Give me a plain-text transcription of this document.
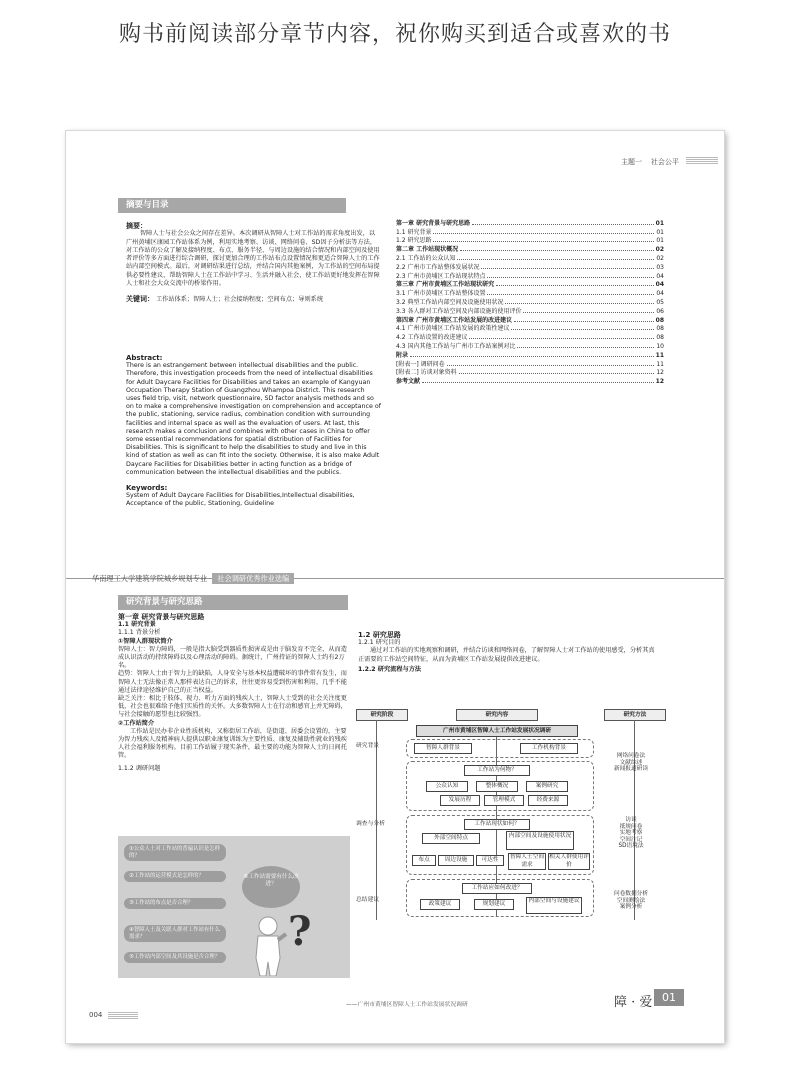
购书前阅读部分章节内容，祝你购买到适合或喜欢的书
主题一 社会公平
摘要与目录
摘要：

智障人士与社会公众之间存在差异。本次调研从智障人士对工作站的需求角度出发，以广州黄埔区康园工作站体系为例，利用实地考察、访谈、网络问卷、SD因子分析法等方法，对工作站的公众了解及接纳程度、布点、服务半径、与周边设施的结合情况和内部空间及使用者评价等多方面进行综合调研，探讨更加合理的工作站布点设置情况和更适合智障人士的工作站内部空间模式。最后，对调研结果进行总结，并结合国内其他案例，为工作站的空间布局提供必要性建议，帮助智障人士在工作站中学习、生活并融入社会，使工作站更好地发挥在智障人士和社会大众交流中的桥梁作用。

关键词： 工作站体系；智障人士；社会接纳程度；空间布点；导则系统
Abstract:
There is an estrangement between intellectual disabilities and the public. Therefore, this investigation proceeds from the need of intellectual disabilities for Adult Daycare Facilities for Disabilities and takes an example of Kangyuan Occupation Therapy Station of Guangzhou Whampoa District. This research uses field trip, visit, network questionnaire, SD factor analysis methods and so on to make a comprehensive investigation on comprehension and acceptance of the public, stationing, service radius, combination condition with surrounding facilities and internal space as well as the evaluation of users. At last, this research makes a conclusion and combines with other cases in China to offer some essential recommendations for spatial distribution of Facilities for Disabilities. This is significant to help the disabilities to study and live in this kind of station as well as can fit into the society. Otherwise, it is also make Adult Daycare Facilities for Disabilities better in acting function as a bridge of communication between the intellectual disabilities and the publics.
Keywords:
System of Adult Daycare Facilities for Disabilities,Intellectual disabilities, Acceptance of the public, Stationing, Guideline
第一章 研究背景与研究思路	01
1.1 研究背景	01
1.2 研究思路	01
第二章 工作站现状概况	02
2.1 工作站的公众认知	02
2.2 广州市工作站整体发展状况	03
2.3 广州市黄埔区工作站现状特点	04
第三章 广州市黄埔区工作站现状研究	04
3.1 广州市黄埔区工作站整体设置	04
3.2 典型工作站内部空间及设施使用状况	05
3.3 各人群对工作站空间及内部设施的使用评价	06
第四章 广州市黄埔区工作站发展的改进建议	08
4.1 广州市黄埔区工作站发展的政策性建议	08
4.2 工作站设置的改进建议	08
4.3 国内其他工作站与广州市工作站案例对比	10
附录	11
[附表一] 调研问卷	11
[附表二] 访谈对象资料	12
参考文献	12
华南理工大学建筑学院城乡规划专业 社会调研优秀作业选编
研究背景与研究思路
第一章 研究背景与研究思路
1.1 研究背景
1.1.1 背景分析
①智障人群现状简介

智障人士：智力障碍，一般是指大脑受到器质性损害或是由于脑发育不完全，从而造成认识活动的持续障碍以及心理活动的障碍。据统计，广州持证的智障人士约有2万名。

趋势：智障人士由于智力上的缺陷，人身安全与基本权益遭破坏的事件常有发生，而智障人士无法像正常人那样表达自己的诉求，往往更容易受到伤害和利用，几乎不能通过法律途径维护自己的正当权益。

缺乏关注：相比于肢体、视力、听力方面的残疾人士，智障人士受到的社会关注度更低，社会也很难给予他们实质性的关怀。大多数智障人士在行动和感官上并无障碍，与社会接触的愿望也比较强烈。

②工作站简介

工作站是民办非企业性质机构，又称街居工作站，是街道、居委会设置的，主要为智力残疾人及精神病人提供以职业康复训练为主要性质、康复及辅助性就业的残疾人社会福利服务机构。目前工作站履于现实条件，最主要的功能为智障人士的日间托管。

1.1.2 调研问题
①公众人士对工作站的普遍认识是怎样的？
②工作站的运营模式是怎样的？
③工作站的布点是否合理？
④智障人士及关联人群对工作站有什么需求？
⑤工作站内部空间及其设施是否合理？
⑥工作站需要有什么改进？
?
1.2 研究思路
1.2.1 研究目的

通过对工作站的实地观察和调研，并结合访谈和网络问卷，了解智障人士对工作站的使用感受，分析其真正需要的工作站空间特征，从而为黄埔区工作站发展提供改进建议。

1.2.2 研究流程与方法
研究阶段	研究内容	研究方法
研究背景
调查与分析
总结建议
广州市黄埔区智障人士工作站发展状况调研
智障人群背景	工作机构背景
工作站为何物？
公众认知	整体概况	案例研究
发展历程	管理模式	经费来源
工作站现状如何？
外部空间特点	内部空间及设施使用状况
布点	周边设施	可达性	智障人士空间需求
相关人群使用评价
工作站应如何改进？
政策建议	规划建议	内部空间与设施建议
网络问卷法
文献综述
新闻报道研读
访谈
抵规问卷
实地考察
空间注记
SD语境法
问卷数据分析
空间测绘法
案例分析
——广州市黄埔区智障人士工作站发展状况调研	障 · 爱 01
004
